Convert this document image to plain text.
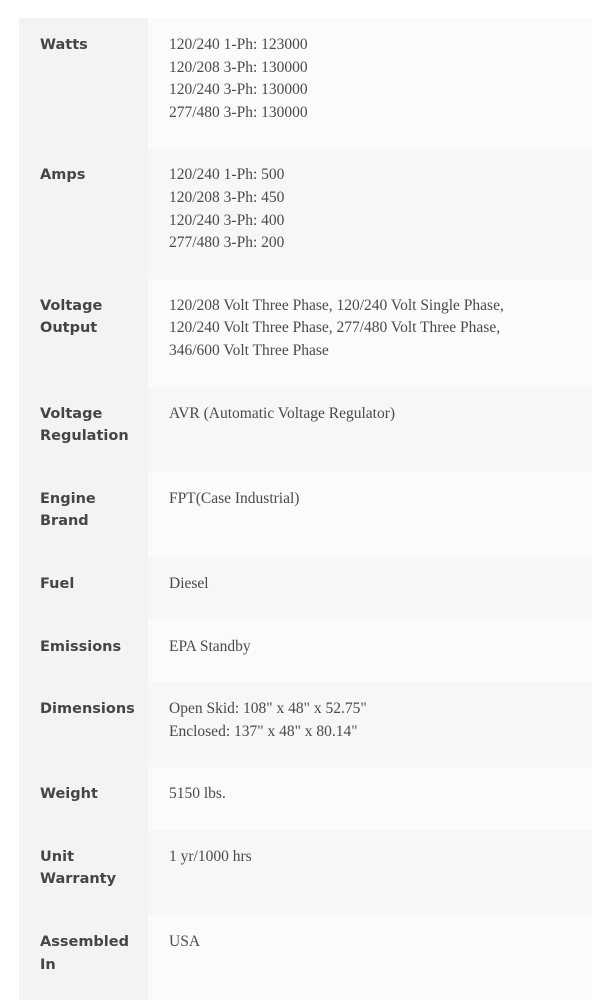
Watts	120/240 1-Ph: 123000
120/208 3-Ph: 130000
120/240 3-Ph: 130000
277/480 3-Ph: 130000

Amps	120/240 1-Ph: 500
120/208 3-Ph: 450
120/240 3-Ph: 400
277/480 3-Ph: 200

Voltage Output	120/208 Volt Three Phase, 120/240 Volt Single Phase,
120/240 Volt Three Phase, 277/480 Volt Three Phase,
346/600 Volt Three Phase

Voltage Regulation	AVR (Automatic Voltage Regulator)

Engine Brand	FPT(Case Industrial)

Fuel	Diesel

Emissions	EPA Standby

Dimensions	Open Skid: 108" x 48" x 52.75"
Enclosed: 137" x 48" x 80.14"

Weight	5150 lbs.

Unit Warranty	1 yr/1000 hrs

Assembled In	USA
